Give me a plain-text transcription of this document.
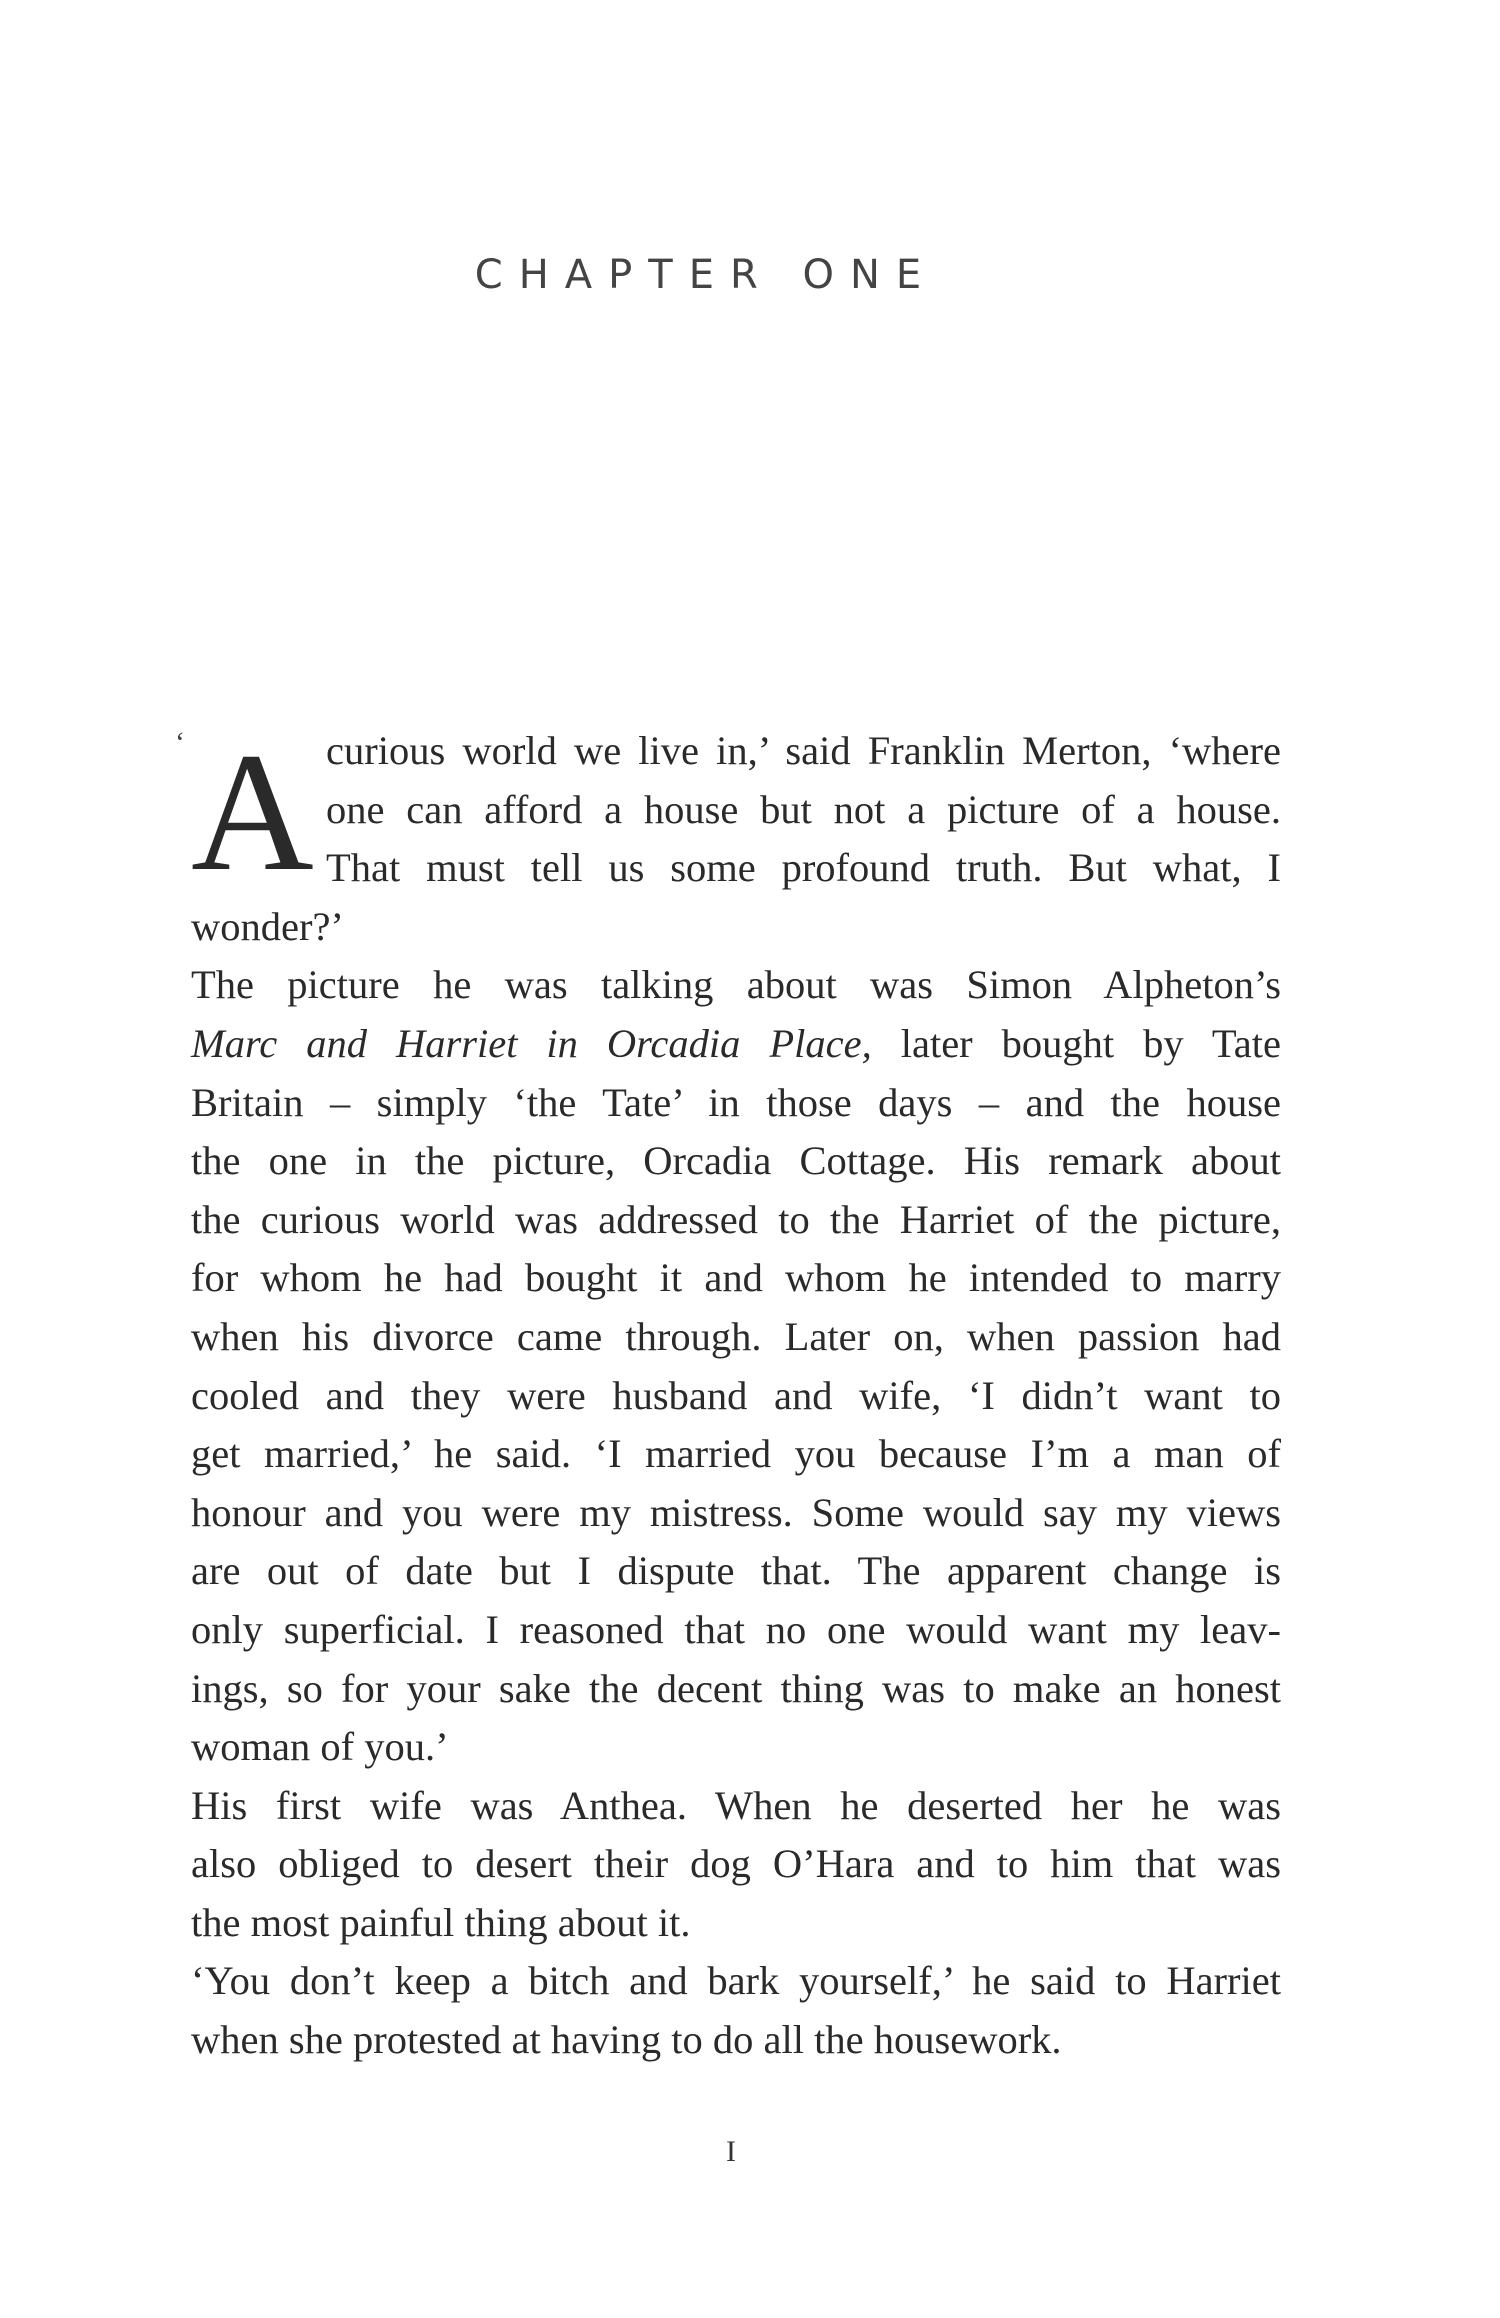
CHAPTER ONE
‘ A curious world we live in,’ said Franklin Merton, ‘where
one can afford a house but not a picture of a house.
That must tell us some profound truth. But what, I
wonder?’
The picture he was talking about was Simon Alpheton’s
Marc and Harriet in Orcadia Place, later bought by Tate
Britain – simply ‘the Tate’ in those days – and the house
the one in the picture, Orcadia Cottage. His remark about
the curious world was addressed to the Harriet of the picture,
for whom he had bought it and whom he intended to marry
when his divorce came through. Later on, when passion had
cooled and they were husband and wife, ‘I didn’t want to
get married,’ he said. ‘I married you because I’m a man of
honour and you were my mistress. Some would say my views
are out of date but I dispute that. The apparent change is
only superficial. I reasoned that no one would want my leav-
ings, so for your sake the decent thing was to make an honest
woman of you.’
His first wife was Anthea. When he deserted her he was
also obliged to desert their dog O’Hara and to him that was
the most painful thing about it.
‘You don’t keep a bitch and bark yourself,’ he said to Harriet
when she protested at having to do all the housework.
I
